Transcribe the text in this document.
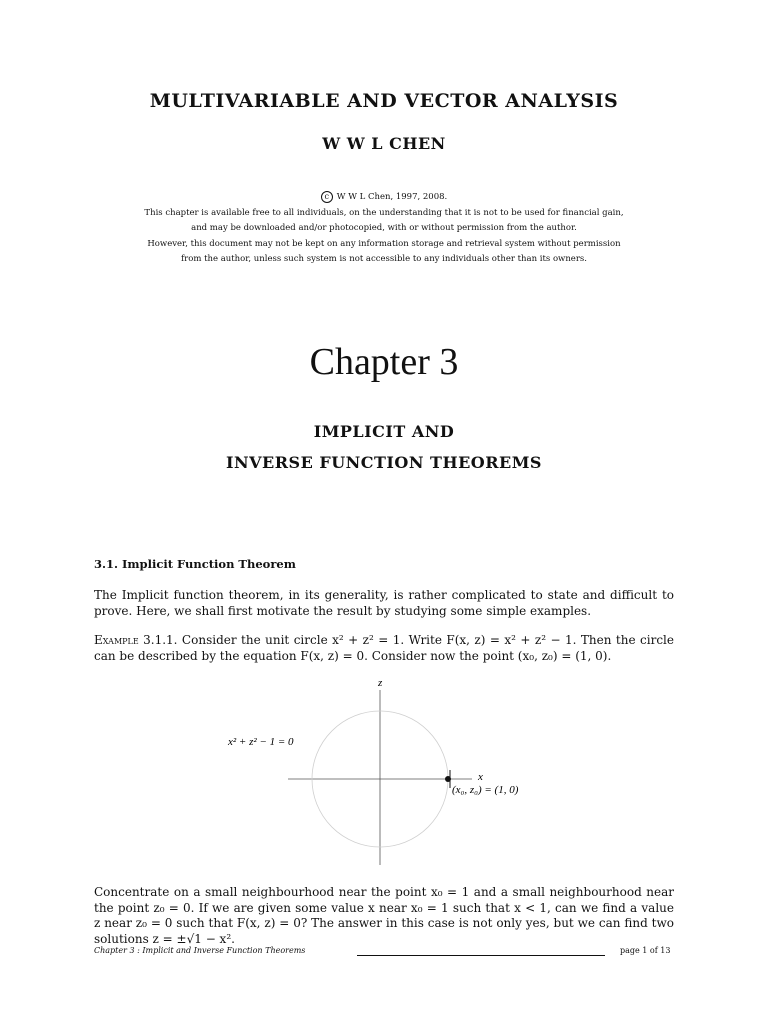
MULTIVARIABLE AND VECTOR ANALYSIS
W W L CHEN
c W W L Chen, 1997, 2008.
This chapter is available free to all individuals, on the understanding that it is not to be used for financial gain,
and may be downloaded and/or photocopied, with or without permission from the author.
However, this document may not be kept on any information storage and retrieval system without permission
from the author, unless such system is not accessible to any individuals other than its owners.
Chapter 3
IMPLICIT AND
INVERSE FUNCTION THEOREMS
3.1. Implicit Function Theorem
The Implicit function theorem, in its generality, is rather complicated to state and difficult to prove. Here, we shall first motivate the result by studying some simple examples.
Example 3.1.1. Consider the unit circle x² + z² = 1. Write F(x, z) = x² + z² − 1. Then the circle can be described by the equation F(x, z) = 0. Consider now the point (x₀, z₀) = (1, 0).
z
x
x² + z² − 1 = 0
(x₀, z₀) = (1, 0)
Concentrate on a small neighbourhood near the point x₀ = 1 and a small neighbourhood near the point z₀ = 0. If we are given some value x near x₀ = 1 such that x < 1, can we find a value z near z₀ = 0 such that F(x, z) = 0? The answer in this case is not only yes, but we can find two solutions z = ±√1 − x².
Chapter 3 : Implicit and Inverse Function Theorems	page 1 of 13
